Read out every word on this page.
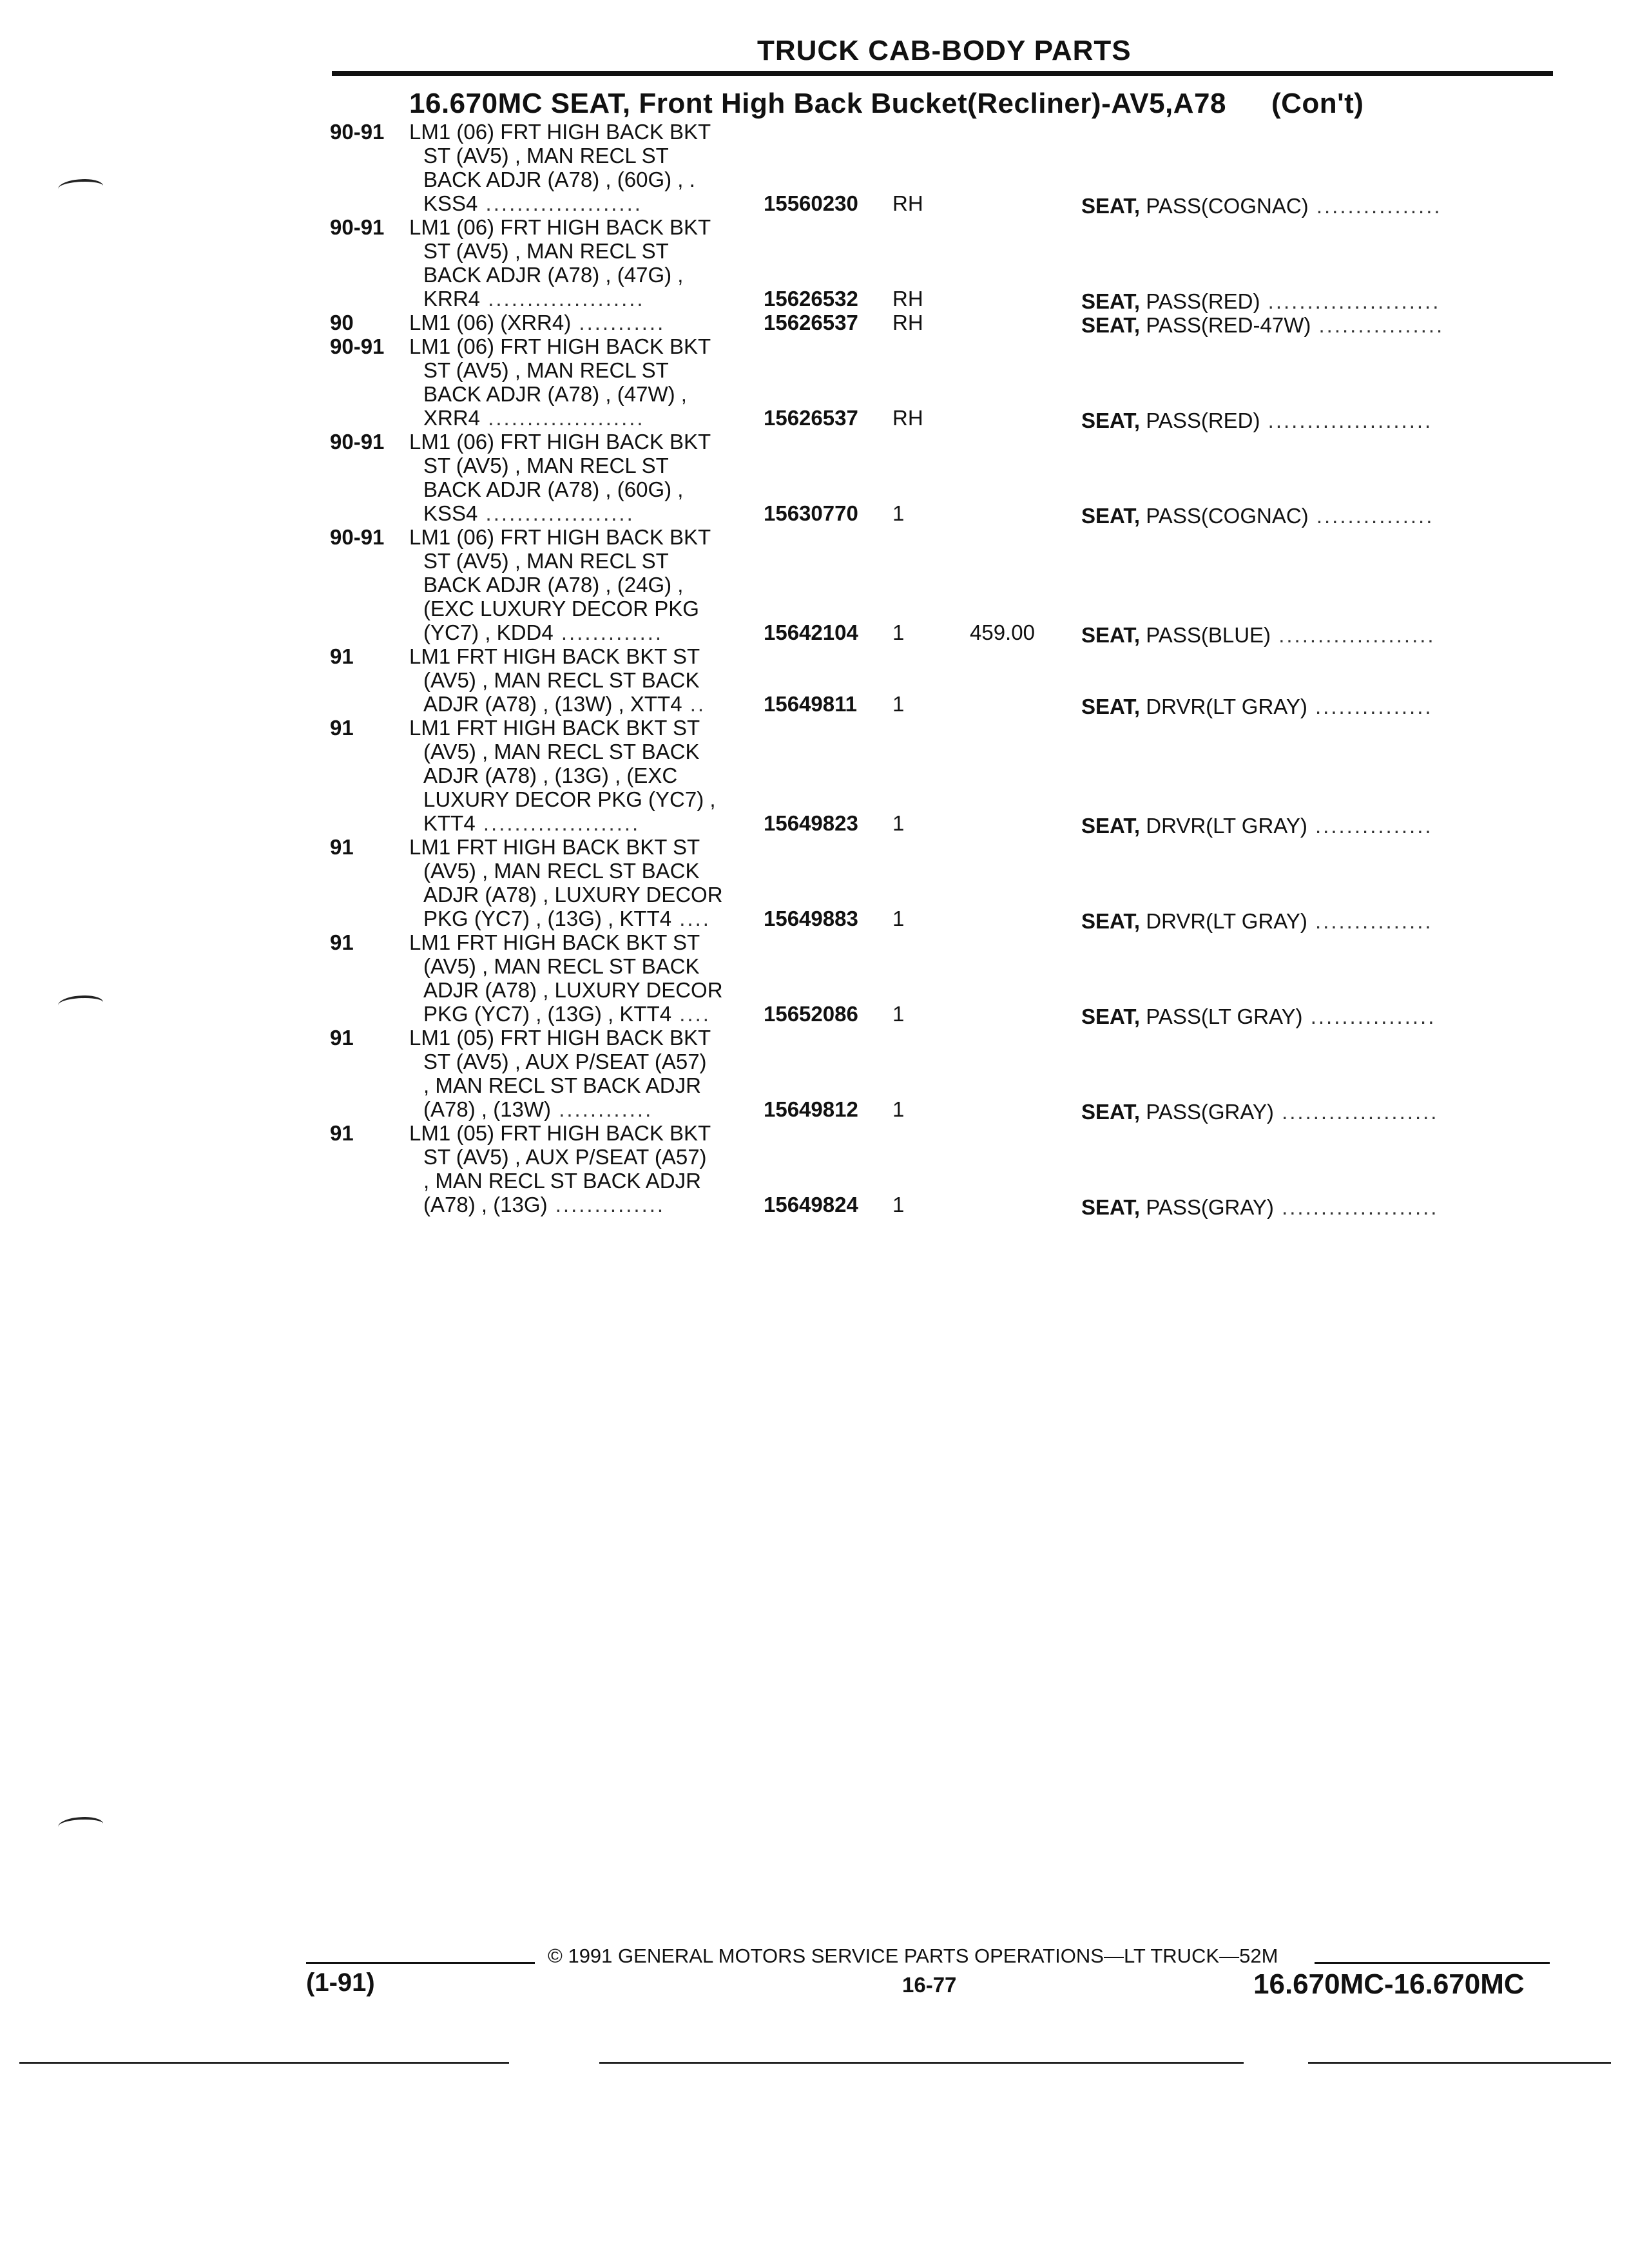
TRUCK CAB-BODY PARTS
16.670MC SEAT, Front High Back Bucket(Recliner)-AV5,A78 (Con't)
90-91 LM1 (06) FRT HIGH BACK BKT
ST (AV5) , MAN RECL ST
BACK ADJR (A78) , (60G) , .
KSS4 ....................	15560230 RH	SEAT, PASS(COGNAC) ................
90-91 LM1 (06) FRT HIGH BACK BKT
ST (AV5) , MAN RECL ST
BACK ADJR (A78) , (47G) ,
KRR4 ....................	15626532 RH	SEAT, PASS(RED) ......................
90	LM1 (06) (XRR4) ...........	15626537 RH	SEAT, PASS(RED-47W) ................
90-91 LM1 (06) FRT HIGH BACK BKT
ST (AV5) , MAN RECL ST
BACK ADJR (A78) , (47W) ,
XRR4 ....................	15626537 RH	SEAT, PASS(RED) .....................
90-91 LM1 (06) FRT HIGH BACK BKT
ST (AV5) , MAN RECL ST
BACK ADJR (A78) , (60G) ,
KSS4 ...................	15630770 1	SEAT, PASS(COGNAC) ...............
90-91 LM1 (06) FRT HIGH BACK BKT
ST (AV5) , MAN RECL ST
BACK ADJR (A78) , (24G) ,
(EXC LUXURY DECOR PKG
(YC7) , KDD4 .............	15642104 1	459.00 SEAT, PASS(BLUE) ....................
91	LM1 FRT HIGH BACK BKT ST
(AV5) , MAN RECL ST BACK
ADJR (A78) , (13W) , XTT4 ..	15649811 1	SEAT, DRVR(LT GRAY) ...............
91	LM1 FRT HIGH BACK BKT ST
(AV5) , MAN RECL ST BACK
ADJR (A78) , (13G) , (EXC
LUXURY DECOR PKG (YC7) ,
KTT4 ....................	15649823 1	SEAT, DRVR(LT GRAY) ...............
91	LM1 FRT HIGH BACK BKT ST
(AV5) , MAN RECL ST BACK
ADJR (A78) , LUXURY DECOR
PKG (YC7) , (13G) , KTT4 ....	15649883 1	SEAT, DRVR(LT GRAY) ...............
91	LM1 FRT HIGH BACK BKT ST
(AV5) , MAN RECL ST BACK
ADJR (A78) , LUXURY DECOR
PKG (YC7) , (13G) , KTT4 ....	15652086 1	SEAT, PASS(LT GRAY) ................
91	LM1 (05) FRT HIGH BACK BKT
ST (AV5) , AUX P/SEAT (A57)
, MAN RECL ST BACK ADJR
(A78) , (13W) ............	15649812 1	SEAT, PASS(GRAY) ....................
91	LM1 (05) FRT HIGH BACK BKT
ST (AV5) , AUX P/SEAT (A57)
, MAN RECL ST BACK ADJR
(A78) , (13G) ..............	15649824 1	SEAT, PASS(GRAY) ....................
© 1991 GENERAL MOTORS SERVICE PARTS OPERATIONS—LT TRUCK—52M
(1-91)	16-77	16.670MC-16.670MC
